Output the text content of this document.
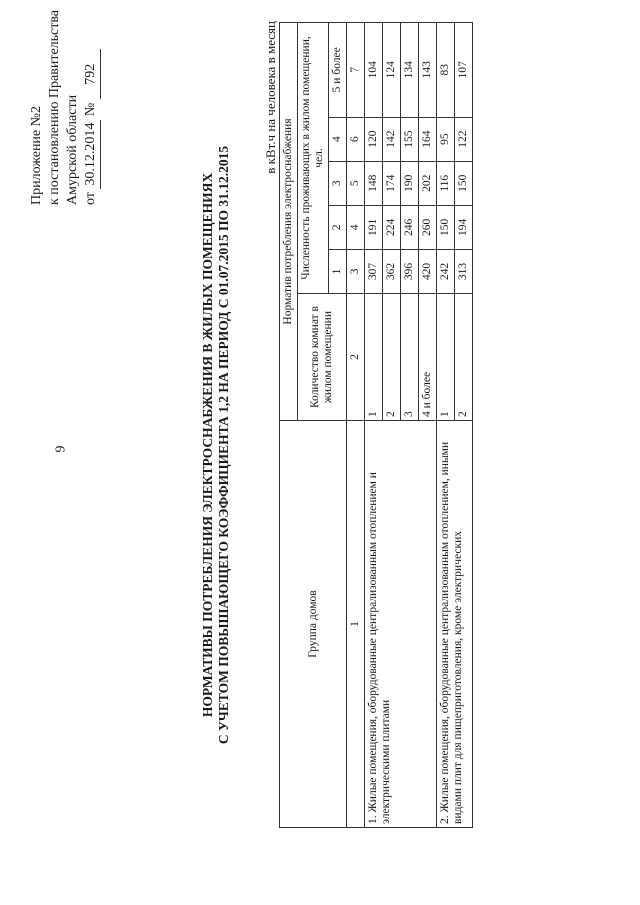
9
Приложение №2 к постановлению Правительства Амурской области от 30.12.2014 № 792
НОРМАТИВЫ ПОТРЕБЛЕНИЯ ЭЛЕКТРОСНАБЖЕНИЯ В ЖИЛЫХ ПОМЕЩЕНИЯХ С УЧЕТОМ ПОВЫШАЮЩЕГО КОЭФФИЦИЕНТА 1,2 НА ПЕРИОД С 01.07.2015 ПО 31.12.2015
в кВт.ч на человека в месяц
Группа домов	Норматив потребления электроснабжения					
	Количество комнат в жилом помещении	Численность проживающих в жилом помещении, чел.				
		1	2	3	4	5 и более
1	2	3	4	5	6	7
1. Жилые помещения, оборудованные централизованным отоплением и электрическими плитами	1	307	191	148	120	104
	2	362	224	174	142	124
	3	396	246	190	155	134
	4 и более	420	260	202	164	143
2. Жилые помещения, оборудованные централизованным отоплением, иными видами плит для пищеприготовления, кроме электрических	1	242	150	116	95	83
	2	313	194	150	122	107
